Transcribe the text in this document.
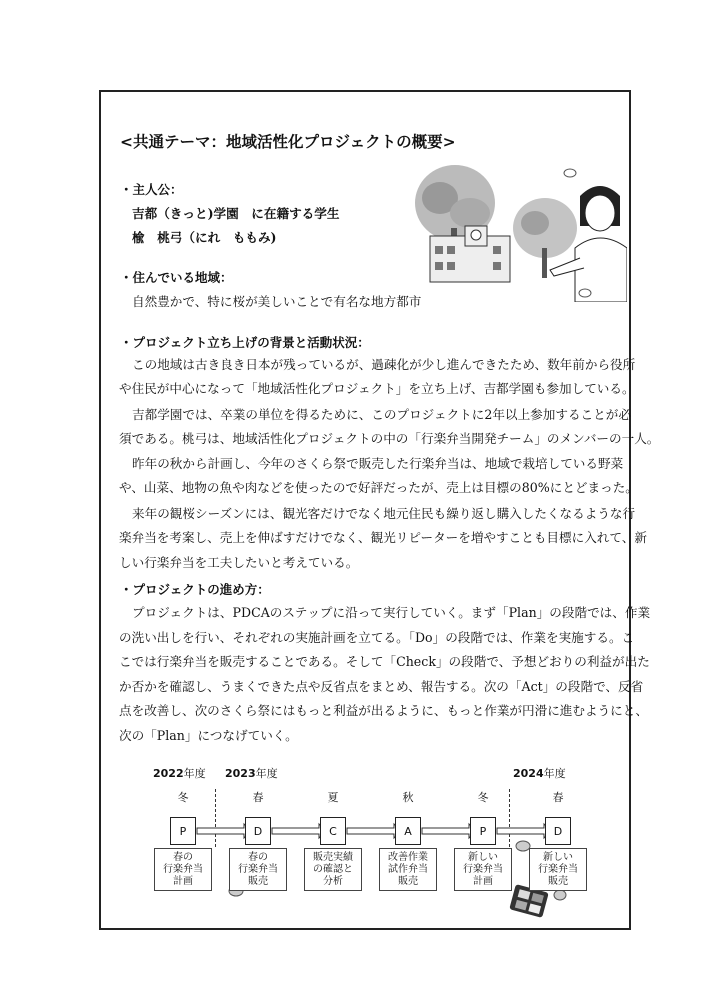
<共通テーマ：地域活性化プロジェクトの概要>
・主人公：
吉都（きっと)学園　に在籍する学生
楡　桃弓（にれ　ももみ)
・住んでいる地域：
自然豊かで、特に桜が美しいことで有名な地方都市
・プロジェクト立ち上げの背景と活動状況：
この地域は古き良き日本が残っているが、過疎化が少し進んできたため、数年前から役所
や住民が中心になって「地域活性化プロジェクト」を立ち上げ、吉都学園も参加している。
吉都学園では、卒業の単位を得るために、このプロジェクトに2年以上参加することが必
須である。桃弓は、地域活性化プロジェクトの中の「行楽弁当開発チーム」のメンバーの一人。
昨年の秋から計画し、今年のさくら祭で販売した行楽弁当は、地域で栽培している野菜
や、山菜、地物の魚や肉などを使ったので好評だったが、売上は目標の80%にとどまった。
来年の観桜シーズンには、観光客だけでなく地元住民も繰り返し購入したくなるような行
楽弁当を考案し、売上を伸ばすだけでなく、観光リピーターを増やすことも目標に入れて、新
しい行楽弁当を工夫したいと考えている。
・プロジェクトの進め方：
プロジェクトは、PDCAのステップに沿って実行していく。まず「Plan」の段階では、作業
の洗い出しを行い、それぞれの実施計画を立てる。「Do」の段階では、作業を実施する。こ
こでは行楽弁当を販売することである。そして「Check」の段階で、予想どおりの利益が出た
か否かを確認し、うまくできた点や反省点をまとめ、報告する。次の「Act」の段階で、反省
点を改善し、次のさくら祭にはもっと利益が出るように、もっと作業が円滑に進むようにと、
次の「Plan」につなげていく。
2022年度 2023年度	2024年度
冬
P
春の
行楽弁当
計画
春
D
春の
行楽弁当
販売
夏
C
販売実績
の確認と
分析
秋
A
改善作業
試作弁当
販売
冬
P
新しい
行楽弁当
計画
春
D
新しい
行楽弁当
販売
